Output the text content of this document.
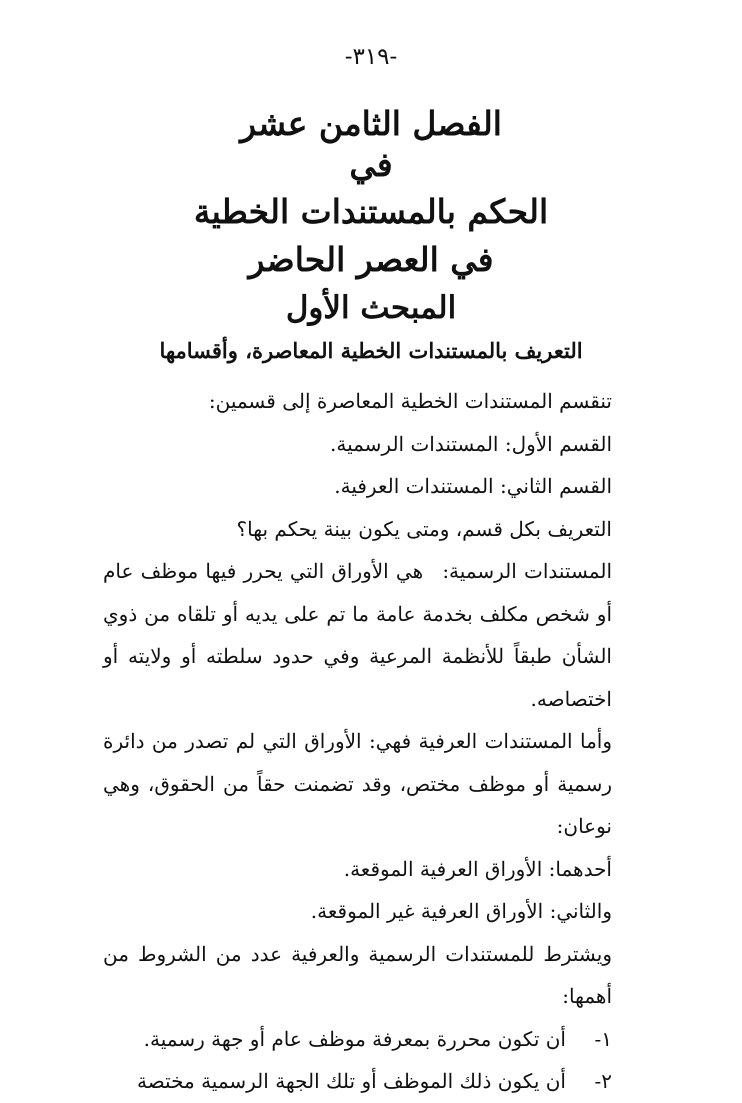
-٣١٩-
الفصل الثامن عشر
في
الحكم بالمستندات الخطية
في العصر الحاضر
المبحث الأول
التعريف بالمستندات الخطية المعاصرة، وأقسامها

تنقسم المستندات الخطية المعاصرة إلى قسمين:

القسم الأول: المستندات الرسمية.

القسم الثاني: المستندات العرفية.

التعريف بكل قسم، ومتى يكون بينة يحكم بها؟

المستندات الرسمية: هي الأوراق التي يحرر فيها موظف عام أو شخص مكلف بخدمة عامة ما تم على يديه أو تلقاه من ذوي الشأن طبقاً للأنظمة المرعية وفي حدود سلطته أو ولايته أو اختصاصه.

وأما المستندات العرفية فهي: الأوراق التي لم تصدر من دائرة رسمية أو موظف مختص، وقد تضمنت حقاً من الحقوق، وهي نوعان:

أحدهما: الأوراق العرفية الموقعة.

والثاني: الأوراق العرفية غير الموقعة.

ويشترط للمستندات الرسمية والعرفية عدد من الشروط من أهمها:

١-
أن تكون محررة بمعرفة موظف عام أو جهة رسمية.
٢-
أن يكون ذلك الموظف أو تلك الجهة الرسمية مختصة
